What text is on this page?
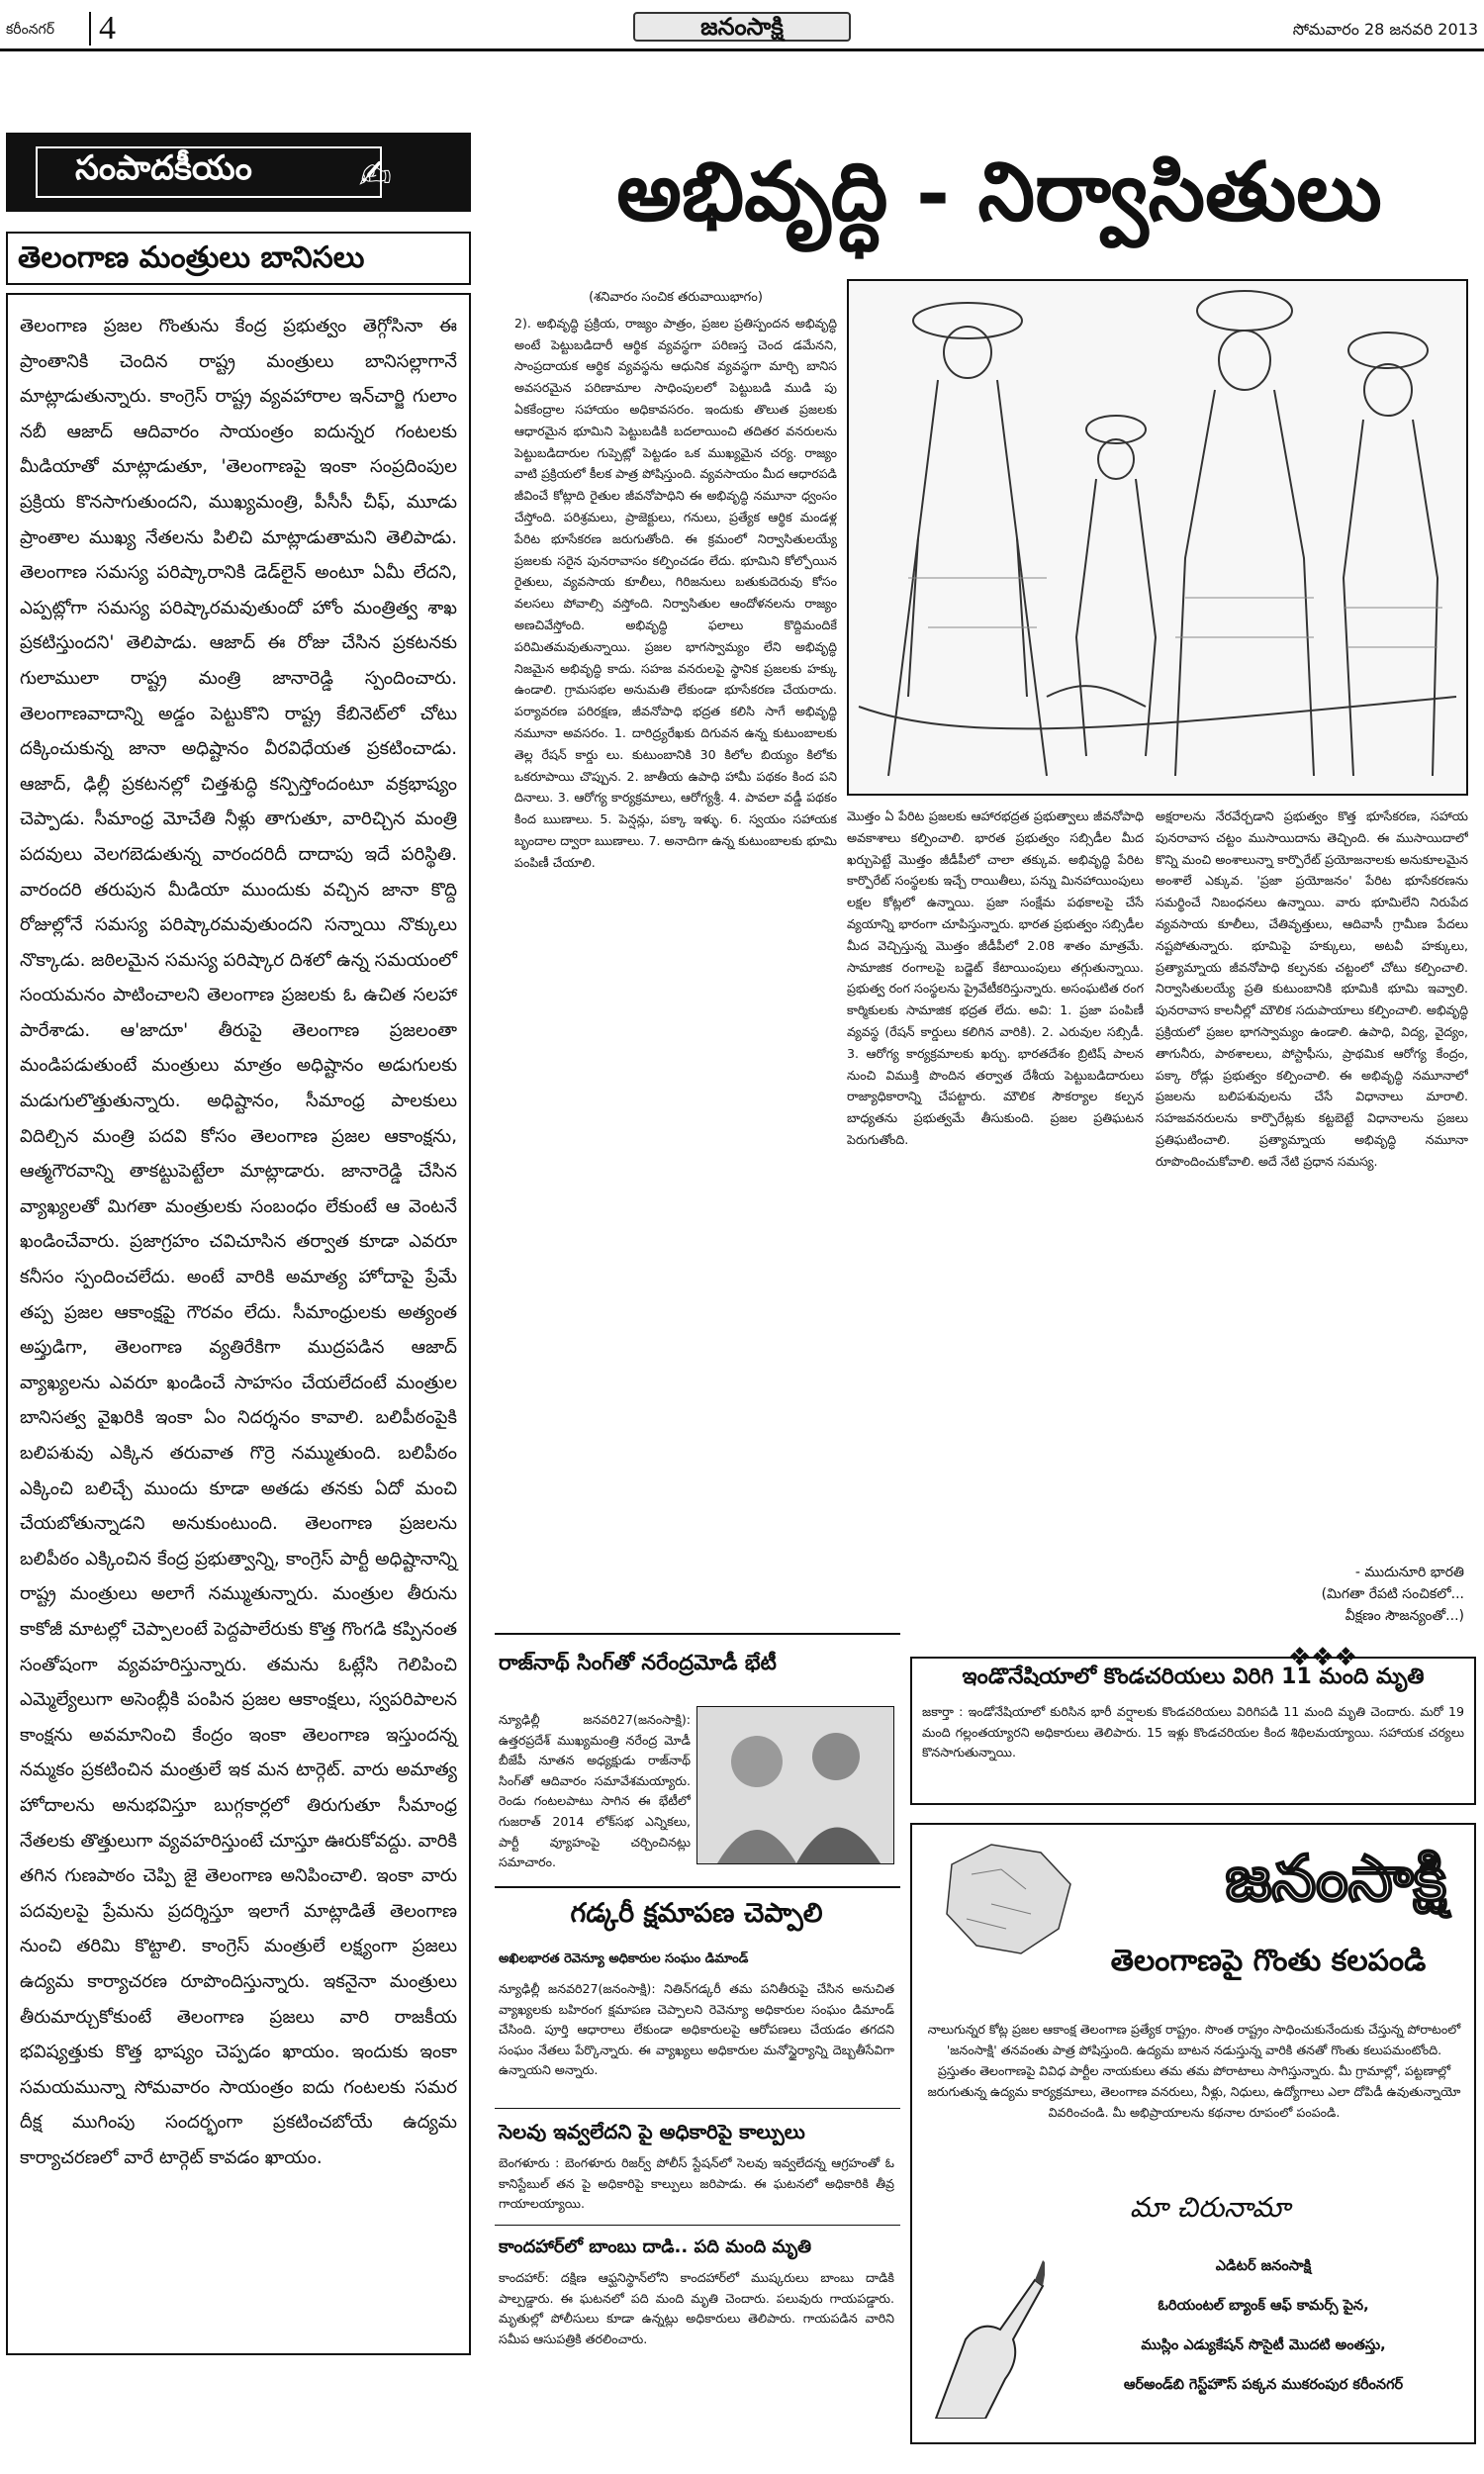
కరీంనగర్ 4	జనంసాక్షి	సోమవారం 28 జనవరి 2013
సంపాదకీయం	✍
తెలంగాణ మంత్రులు బానిసలు
తెలంగాణ ప్రజల గొంతును కేంద్ర ప్రభుత్వం తెగ్గోసినా ఈ ప్రాంతానికి చెందిన రాష్ట్ర మంత్రులు బానిసల్లాగానే మాట్లాడుతున్నారు. కాంగ్రెస్‌ రాష్ట్ర వ్యవహారాల ఇన్‌చార్జి గులాం నబీ ఆజాద్‌ ఆదివారం సాయంత్రం ఐదున్నర గంటలకు మీడియాతో మాట్లాడుతూ, 'తెలంగాణపై ఇంకా సంప్రదింపుల ప్రక్రియ కొనసాగుతుందని, ముఖ్యమంత్రి, పీసీసీ చీఫ్‌, మూడు ప్రాంతాల ముఖ్య నేతలను పిలిచి మాట్లాడుతామని తెలిపాడు. తెలంగాణ సమస్య పరిష్కారానికి డెడ్‌లైన్‌ అంటూ ఏమీ లేదని, ఎప్పట్లోగా సమస్య పరిష్కారమవుతుందో హోం మంత్రిత్వ శాఖ ప్రకటిస్తుందని' తెలిపాడు. ఆజాద్‌ ఈ రోజు చేసిన ప్రకటనకు గులాములా రాష్ట్ర మంత్రి జానారెడ్డి స్పందించారు. తెలంగాణవాదాన్ని అడ్డం పెట్టుకొని రాష్ట్ర కేబినెట్‌లో చోటు దక్కించుకున్న జానా అధిష్టానం వీరవిధేయత ప్రకటించాడు. ఆజాద్‌, ఢిల్లీ ప్రకటనల్లో చిత్తశుద్ధి కన్పిస్తోందంటూ వక్రభాష్యం చెప్పాడు. సీమాంధ్ర మోచేతి నీళ్లు తాగుతూ, వారిచ్చిన మంత్రి పదవులు వెలగబెడుతున్న వారందరిదీ దాదాపు ఇదే పరిస్థితి. వారందరి తరుపున మీడియా ముందుకు వచ్చిన జానా కొద్ది రోజుల్లోనే సమస్య పరిష్కారమవుతుందని సన్నాయి నొక్కులు నొక్కాడు. జఠిలమైన సమస్య పరిష్కార దిశలో ఉన్న సమయంలో సంయమనం పాటించాలని తెలంగాణ ప్రజలకు ఓ ఉచిత సలహా పారేశాడు. ఆ'జాదూ' తీరుపై తెలంగాణ ప్రజలంతా మండిపడుతుంటే మంత్రులు మాత్రం అధిష్టానం అడుగులకు మడుగులొత్తుతున్నారు. అధిష్టానం, సీమాంధ్ర పాలకులు విదిల్చిన మంత్రి పదవి కోసం తెలంగాణ ప్రజల ఆకాంక్షను, ఆత్మగౌరవాన్ని తాకట్టుపెట్టేలా మాట్లాడారు. జానారెడ్డి చేసిన వ్యాఖ్యలతో మిగతా మంత్రులకు సంబంధం లేకుంటే ఆ వెంటనే ఖండించేవారు. ప్రజాగ్రహం చవిచూసిన తర్వాత కూడా ఎవరూ కనీసం స్పందించలేదు. అంటే వారికి అమాత్య హోదాపై ప్రేమే తప్ప ప్రజల ఆకాంక్షపై గౌరవం లేదు. సీమాంధ్రులకు అత్యంత అప్తుడిగా, తెలంగాణ వ్యతిరేకిగా ముద్రపడిన ఆజాద్‌ వ్యాఖ్యలను ఎవరూ ఖండించే సాహసం చేయలేదంటే మంత్రుల బానిసత్వ వైఖరికి ఇంకా ఏం నిదర్శనం కావాలి. బలిపీఠంపైకి బలిపశువు ఎక్కిన తరువాత గొర్రె నమ్ముతుంది. బలిపీఠం ఎక్కించి బలిచ్చే ముందు కూడా అతడు తనకు ఏదో మంచి చేయబోతున్నాడని అనుకుంటుంది. తెలంగాణ ప్రజలను బలిపీఠం ఎక్కించిన కేంద్ర ప్రభుత్వాన్ని, కాంగ్రెస్‌ పార్టీ అధిష్టానాన్ని రాష్ట్ర మంత్రులు అలాగే నమ్ముతున్నారు. మంత్రుల తీరును కాకోజీ మాటల్లో చెప్పాలంటే పెద్దపాలేరుకు కొత్త గొంగడి కప్పినంత సంతోషంగా వ్యవహరిస్తున్నారు. తమను ఓట్లేసి గెలిపించి ఎమ్మెల్యేలుగా అసెంబ్లీకి పంపిన ప్రజల ఆకాంక్షలు, స్వపరిపాలన కాంక్షను అవమానించి కేంద్రం ఇంకా తెలంగాణ ఇస్తుందన్న నమ్మకం ప్రకటించిన మంత్రులే ఇక మన టార్గెట్‌. వారు అమాత్య హోదాలను అనుభవిస్తూ బుగ్గకార్లలో తిరుగుతూ సీమాంధ్ర నేతలకు తొత్తులుగా వ్యవహరిస్తుంటే చూస్తూ ఊరుకోవద్దు. వారికి తగిన గుణపాఠం చెప్పి జై తెలంగాణ అనిపించాలి. ఇంకా వారు పదవులపై ప్రేమను ప్రదర్శిస్తూ ఇలాగే మాట్లాడితే తెలంగాణ నుంచి తరిమి కొట్టాలి. కాంగ్రెస్‌ మంత్రులే లక్ష్యంగా ప్రజలు ఉద్యమ కార్యాచరణ రూపొందిస్తున్నారు. ఇకనైనా మంత్రులు తీరుమార్చుకోకుంటే తెలంగాణ ప్రజలు వారి రాజకీయ భవిష్యత్తుకు కొత్త భాష్యం చెప్పడం ఖాయం. ఇందుకు ఇంకా సమయమున్నా సోమవారం సాయంత్రం ఐదు గంటలకు సమర దీక్ష ముగింపు సందర్భంగా ప్రకటించబోయే ఉద్యమ కార్యాచరణలో వారే టార్గెట్‌ కావడం ఖాయం.
అభివృద్ధి - నిర్వాసితులు
(శనివారం సంచిక తరువాయిభాగం)

2). అభివృద్ధి ప్రక్రియ, రాజ్యం పాత్రం, ప్రజల ప్రతిస్పందన అభివృద్ధి అంటే పెట్టుబడిదారీ ఆర్థిక వ్యవస్థగా పరిణస్త చెంద డమేనని, సాంప్రదాయక ఆర్థిక వ్యవస్థను ఆధునిక వ్యవస్థగా మార్చి బానిస అవసరమైన పరిణామాల సాధింపులలో పెట్టుబడి ముడి పు ఏకకేంద్రాల సహాయం అధికావసరం. ఇందుకు తొలుత ప్రజలకు ఆధారమైన భూమిని పెట్టుబడికి బదలాయించి తదితర వనరులను పెట్టుబడిదారుల గుప్పెట్లో పెట్టడం ఒక ముఖ్యమైన చర్య. రాజ్యం వాటి ప్రక్రియలో కీలక పాత్ర పోషిస్తుంది. వ్యవసాయం మీద ఆధారపడి జీవించే కోట్లాది రైతుల జీవనోపాధిని ఈ అభివృద్ధి నమూనా ధ్వంసం చేస్తోంది. పరిశ్రమలు, ప్రాజెక్టులు, గనులు, ప్రత్యేక ఆర్థిక మండళ్ల పేరిట భూసేకరణ జరుగుతోంది. ఈ క్రమంలో నిర్వాసితులయ్యే ప్రజలకు సరైన పునరావాసం కల్పించడం లేదు. భూమిని కోల్పోయిన రైతులు, వ్యవసాయ కూలీలు, గిరిజనులు బతుకుదెరువు కోసం వలసలు పోవాల్సి వస్తోంది. నిర్వాసితుల ఆందోళనలను రాజ్యం అణచివేస్తోంది. అభివృద్ధి ఫలాలు కొద్దిమందికే పరిమితమవుతున్నాయి. ప్రజల భాగస్వామ్యం లేని అభివృద్ధి నిజమైన అభివృద్ధి కాదు. సహజ వనరులపై స్థానిక ప్రజలకు హక్కు ఉండాలి. గ్రామసభల అనుమతి లేకుండా భూసేకరణ చేయరాదు. పర్యావరణ పరిరక్షణ, జీవనోపాధి భద్రత కలిసి సాగే అభివృద్ధి నమూనా అవసరం. 1. దారిద్ర్యరేఖకు దిగువన ఉన్న కుటుంబాలకు తెల్ల రేషన్‌ కార్డు లు. కుటుంబానికి 30 కిలోల బియ్యం కిలోకు ఒకరూపాయి చొప్పున. 2. జాతీయ ఉపాధి హామీ పథకం కింద పని దినాలు. 3. ఆరోగ్య కార్యక్రమాలు, ఆరోగ్యశ్రీ. 4. పావలా వడ్డీ పథకం కింద ఋణాలు. 5. పెన్షన్లు, పక్కా ఇళ్ళు. 6. స్వయం సహాయక బృందాల ద్వారా ఋణాలు. 7. అనాదిగా ఉన్న కుటుంబాలకు భూమి పంపిణీ చేయాలి.

మొత్తం ఏ పేరిట ప్రజలకు ఆహారభద్రత ప్రభుత్వాలు జీవనోపాధి అవకాశాలు కల్పించాలి. భారత ప్రభుత్వం సబ్సిడీల మీద ఖర్చుపెట్టే మొత్తం జీడీపీలో చాలా తక్కువ. అభివృద్ధి పేరిట కార్పొరేట్‌ సంస్థలకు ఇచ్చే రాయితీలు, పన్ను మినహాయింపులు లక్షల కోట్లలో ఉన్నాయి. ప్రజా సంక్షేమ పథకాలపై చేసే వ్యయాన్ని భారంగా చూపిస్తున్నారు. భారత ప్రభుత్వం సబ్సిడీల మీద వెచ్చిస్తున్న మొత్తం జీడీపీలో 2.08 శాతం మాత్రమే. సామాజిక రంగాలపై బడ్జెట్‌ కేటాయింపులు తగ్గుతున్నాయి. ప్రభుత్వ రంగ సంస్థలను ప్రైవేటీకరిస్తున్నారు. అసంఘటిత రంగ కార్మికులకు సామాజిక భద్రత లేదు. అవి: 1. ప్రజా పంపిణీ వ్యవస్థ (రేషన్‌ కార్డులు కలిగిన వారికి). 2. ఎరువుల సబ్సిడీ. 3. ఆరోగ్య కార్యక్రమాలకు ఖర్చు. భారతదేశం బ్రిటిష్‌ పాలన నుంచి విముక్తి పొందిన తర్వాత దేశీయ పెట్టుబడిదారులు రాజ్యాధికారాన్ని చేపట్టారు. మౌలిక సౌకర్యాల కల్పన బాధ్యతను ప్రభుత్వమే తీసుకుంది. ప్రజల ప్రతిఘటన పెరుగుతోంది.

అక్షరాలను నేరవేర్చడాని ప్రభుత్వం కొత్త భూసేకరణ, సహాయ పునరావాస చట్టం ముసాయిదాను తెచ్చింది. ఈ ముసాయిదాలో కొన్ని మంచి అంశాలున్నా కార్పొరేట్‌ ప్రయోజనాలకు అనుకూలమైన అంశాలే ఎక్కువ. 'ప్రజా ప్రయోజనం' పేరిట భూసేకరణను సమర్థించే నిబంధనలు ఉన్నాయి. వారు భూమిలేని నిరుపేద వ్యవసాయ కూలీలు, చేతివృత్తులు, ఆదివాసీ గ్రామీణ పేదలు నష్టపోతున్నారు. భూమిపై హక్కులు, అటవీ హక్కులు, ప్రత్యామ్నాయ జీవనోపాధి కల్పనకు చట్టంలో చోటు కల్పించాలి. నిర్వాసితులయ్యే ప్రతి కుటుంబానికి భూమికి భూమి ఇవ్వాలి. పునరావాస కాలనీల్లో మౌలిక సదుపాయాలు కల్పించాలి. అభివృద్ధి ప్రక్రియలో ప్రజల భాగస్వామ్యం ఉండాలి. ఉపాధి, విద్య, వైద్యం, తాగునీరు, పాఠశాలలు, పోస్టాఫీసు, ప్రాథమిక ఆరోగ్య కేంద్రం, పక్కా రోడ్లు ప్రభుత్వం కల్పించాలి. ఈ అభివృద్ధి నమూనాలో ప్రజలను బలిపశువులను చేసే విధానాలు మారాలి. సహజవనరులను కార్పొరేట్లకు కట్టబెట్టే విధానాలను ప్రజలు ప్రతిఘటించాలి. ప్రత్యామ్నాయ అభివృద్ధి నమూనా రూపొందించుకోవాలి. అదే నేటి ప్రధాన సమస్య.

- ముదునూరి భారతి
(మిగతా రేపటి సంచికలో...
వీక్షణం సౌజన్యంతో...)
❖❖❖
రాజ్‌నాథ్‌ సింగ్‌తో నరేంద్రమోడీ భేటీ
న్యూఢిల్లీ జనవరి27(జనంసాక్షి): ఉత్తరప్రదేశ్‌ ముఖ్యమంత్రి నరేంద్ర మోడీ బీజేపీ నూతన అధ్యక్షుడు రాజ్‌నాథ్‌ సింగ్‌తో ఆదివారం సమావేశమయ్యారు. రెండు గంటలపాటు సాగిన ఈ భేటీలో గుజరాత్‌ 2014 లోక్‌సభ ఎన్నికలు, పార్టీ వ్యూహంపై చర్చించినట్లు సమాచారం.
గడ్కరీ క్షమాపణ చెప్పాలి
అఖిలభారత రెవెన్యూ అధికారుల సంఘం డిమాండ్‌
న్యూఢిల్లీ జనవరి27(జనంసాక్షి): నితిన్‌గడ్కరీ తమ పనితీరుపై చేసిన అనుచిత వ్యాఖ్యలకు బహిరంగ క్షమాపణ చెప్పాలని రెవెన్యూ అధికారుల సంఘం డిమాండ్‌ చేసింది. పూర్తి ఆధారాలు లేకుండా అధికారులపై ఆరోపణలు చేయడం తగదని సంఘం నేతలు పేర్కొన్నారు. ఈ వ్యాఖ్యలు అధికారుల మనోస్థైర్యాన్ని దెబ్బతీసేవిగా ఉన్నాయని అన్నారు.
సెలవు ఇవ్వలేదని పై అధికారిపై కాల్పులు
బెంగళూరు : బెంగళూరు రిజర్వ్‌ పోలీస్‌ స్టేషన్‌లో సెలవు ఇవ్వలేదన్న ఆగ్రహంతో ఓ కానిస్టేబుల్‌ తన పై అధికారిపై కాల్పులు జరిపాడు. ఈ ఘటనలో అధికారికి తీవ్ర గాయాలయ్యాయి.
కాందహార్‌లో బాంబు దాడి.. పది మంది మృతి
కాందహార్‌: దక్షిణ ఆఫ్ఘనిస్థాన్‌లోని కాందహార్‌లో ముష్కరులు బాంబు దాడికి పాల్పడ్డారు. ఈ ఘటనలో పది మంది మృతి చెందారు. పలువురు గాయపడ్డారు. మృతుల్లో పోలీసులు కూడా ఉన్నట్లు అధికారులు తెలిపారు. గాయపడిన వారిని సమీప ఆసుపత్రికి తరలించారు.
ఇండొనేషియాలో కొండచరియలు విరిగి 11 మంది మృతి
జకార్తా : ఇండోనేషియాలో కురిసిన భారీ వర్షాలకు కొండచరియలు విరిగిపడి 11 మంది మృతి చెందారు. మరో 19 మంది గల్లంతయ్యారని అధికారులు తెలిపారు. 15 ఇళ్లు కొండచరియల కింద శిథిలమయ్యాయి. సహాయక చర్యలు కొనసాగుతున్నాయి.
జనంసాక్షి
తెలంగాణపై గొంతు కలపండి
నాలుగున్నర కోట్ల ప్రజల ఆకాంక్ష తెలంగాణ ప్రత్యేక రాష్ట్రం. సొంత రాష్ట్రం సాధించుకునేందుకు చేస్తున్న పోరాటంలో 'జనంసాక్షి' తనవంతు పాత్ర పోషిస్తుంది. ఉద్యమ బాటన నడుస్తున్న వారికి తనతో గొంతు కలుపమంటోంది. ప్రస్తుతం తెలంగాణపై వివిధ పార్టీల నాయకులు తమ తమ పోరాటాలు సాగిస్తున్నారు. మీ గ్రామాల్లో, పట్టణాల్లో జరుగుతున్న ఉద్యమ కార్యక్రమాలు, తెలంగాణ వనరులు, నీళ్లు, నిధులు, ఉద్యోగాలు ఎలా దోపిడీ ఉవుతున్నాయో వివరించండి. మీ అభిప్రాయాలను కథనాల రూపంలో పంపండి.
మా చిరునామా
ఎడిటర్‌ జనంసాక్షి
ఓరియంటల్‌ బ్యాంక్‌ ఆఫ్‌ కామర్స్‌ పైన,
ముస్లిం ఎడ్యుకేషన్‌ సొసైటీ మొదటి అంతస్తు,
ఆర్‌అండ్‌బి గెస్ట్‌హౌస్‌ పక్కన ముకరంపుర కరీంనగర్‌
